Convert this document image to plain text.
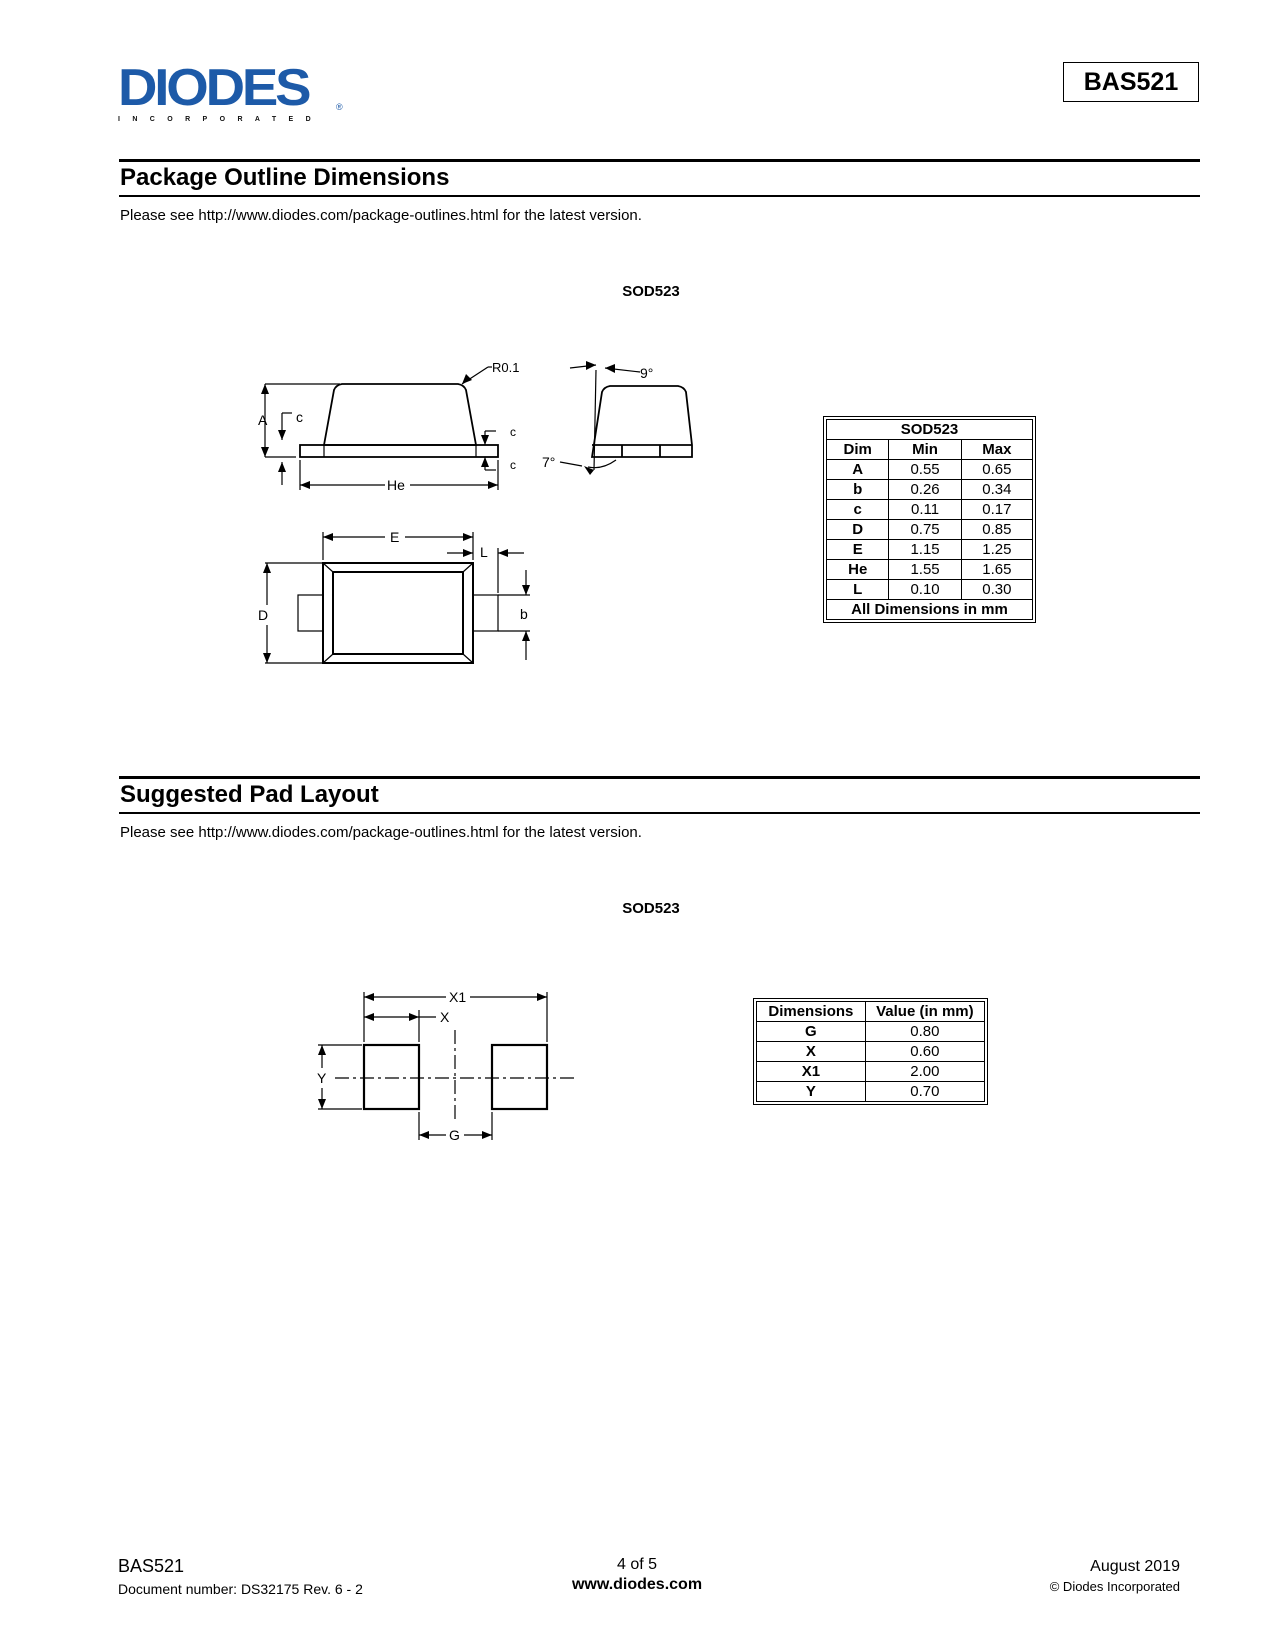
DIODES
INCORPORATED
®
BAS521
Package Outline Dimensions
Please see http://www.diodes.com/package-outlines.html for the latest version.
SOD523
A c
c
c
He
R0.1	9°
7°
E
L
D	b
X1
X
Y
G
SOD523		
Dim	Min	Max
A	0.55	0.65
b	0.26	0.34
c	0.11	0.17
D	0.75	0.85
E	1.15	1.25
He	1.55	1.65
L	0.10	0.30
All Dimensions in mm		
Suggested Pad Layout
Please see http://www.diodes.com/package-outlines.html for the latest version.
SOD523
Dimensions	Value (in mm)
G	0.80
X	0.60
X1	2.00
Y	0.70
BAS521
Document number: DS32175 Rev. 6 - 2
4 of 5
www.diodes.com
August 2019
© Diodes Incorporated
